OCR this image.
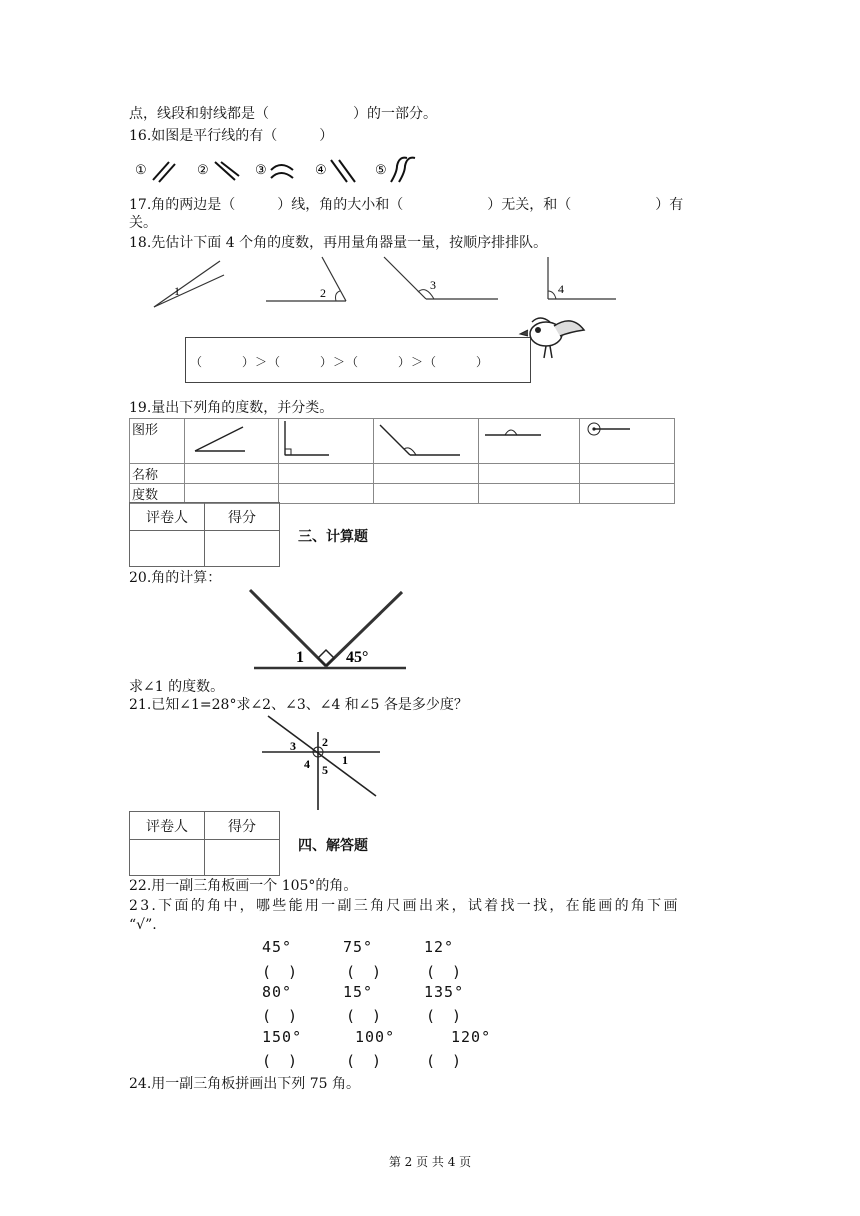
点，线段和射线都是（　　　　　　）的一部分。
16.如图是平行线的有（　　　）
①	②	③	④	⑤
17.角的两边是（　　　）线，角的大小和（　　　　　　）无关，和（　　　　　　）有
关。
18.先估计下面 4 个角的度数，再用量角器量一量，按顺序排排队。
1	2
3	4
（　　　）＞（　　　）＞（　　　）＞（　　　）
19.量出下列角的度数，并分类。
图形					
名称					
度数					
评卷人	得分

三、计算题
20.角的计算：
1	45°
求∠1 的度数。
21.已知∠1=28°求∠2、∠3、∠4 和∠5 各是多少度？
1
2
3
4 5
评卷人	得分

四、解答题
22.用一副三角板画一个 105°的角。
23.下面的角中，哪些能用一副三角尺画出来，试着找一找，在能画的角下画
“√”.
45°	75°	12°
(　)	(　)	(　)
80°	15°	135°
(　)	(　)	(　)
150°	100°	120°
(　)	(　)	(　)
24.用一副三角板拼画出下列 75 角。
第 2 页 共 4 页
